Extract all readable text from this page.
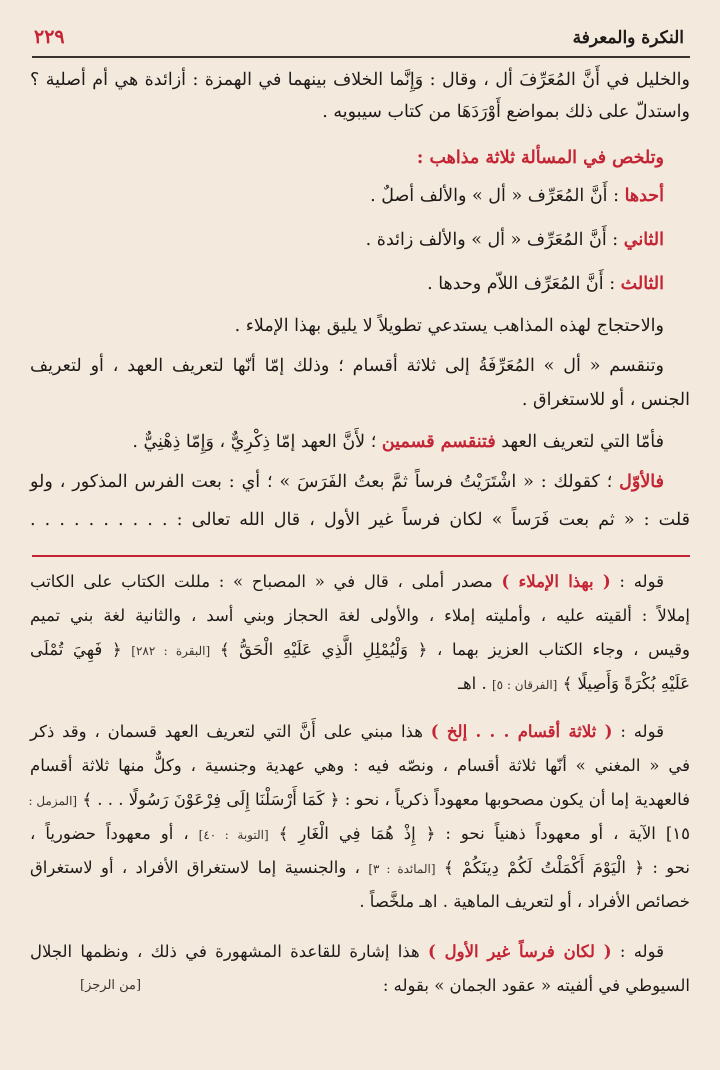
النكرة والمعرفة
٢٢٩
والخليل في أَنَّ المُعَرِّفَ أل ، وقال : وَإِنَّما الخلاف بينهما في الهمزة : أزائدة هي أم أصلية ؟
واستدلّ على ذلك بمواضع أَوْرَدَهَا من كتاب سيبويه .
وتلخص في المسألة ثلاثة مذاهب :
أحدها : أَنَّ المُعَرِّف « أل » والألف أصلٌ .
الثاني : أَنَّ المُعَرِّف « أل » والألف زائدة .
الثالث : أَنَّ المُعَرِّف اللاّم وحدها .
والاحتجاج لهذه المذاهب يستدعي تطويلاً لا يليق بهذا الإملاء .
وتنقسم « أل » المُعَرِّفَةُ إلى ثلاثة أقسام ؛ وذلك إمّا أنّها لتعريف العهد ، أو لتعريف
الجنس ، أو للاستغراق .
فأمّا التي لتعريف العهد فتنقسم قسمين ؛ لأَنَّ العهد إمّا ذِكْرِيٌّ ، وَإِمّا ذِهْنِيٌّ .
فالأوّل ؛ كقولك : « اشْتَرَيْتُ فرساً ثمَّ بعتُ الفَرَسَ » ؛ أي : بعت الفرس المذكور ، ولو
قلت : « ثم بعت فَرَساً » لكان فرساً غير الأول ، قال الله تعالى : . . . . . . . . . .
قوله : ( بهذا الإملاء ) مصدر أملى ، قال في « المصباح » : مللت الكتاب على الكاتب
إملالاً : ألقيته عليه ، وأمليته إملاء ، والأولى لغة الحجاز وبني أسد ، والثانية لغة بني تميم
وقيس ، وجاء الكتاب العزيز بهما ، ﴿ وَلْيُمْلِلِ الَّذِي عَلَيْهِ الْحَقُّ ﴾ [البقرة : ٢٨٢] ﴿ فَهِيَ تُمْلَى
عَلَيْهِ بُكْرَةً وَأَصِيلًا ﴾ [الفرقان : ٥] . اهـ
قوله : ( ثلاثة أقسام . . . إلخ ) هذا مبني على أَنَّ التي لتعريف العهد قسمان ، وقد ذكر
في « المغني » أنّها ثلاثة أقسام ، ونصّه فيه : وهي عهدية وجنسية ، وكلٌّ منها ثلاثة أقسام
فالعهدية إما أن يكون مصحوبها معهوداً ذكرياً ، نحو : ﴿ كَمَا أَرْسَلْنَا إِلَى فِرْعَوْنَ رَسُولًا . . . ﴾ [المزمل :
١٥] الآية ، أو معهوداً ذهنياً نحو : ﴿ إِذْ هُمَا فِي الْغَارِ ﴾ [التوبة : ٤٠] ، أو معهوداً حضورياً ،
نحو : ﴿ الْيَوْمَ أَكْمَلْتُ لَكُمْ دِينَكُمْ ﴾ [المائدة : ٣] ، والجنسية إما لاستغراق الأفراد ، أو لاستغراق
خصائص الأفراد ، أو لتعريف الماهية . اهـ ملخَّصاً .
قوله : ( لكان فرساً غير الأول ) هذا إشارة للقاعدة المشهورة في ذلك ، ونظمها الجلال
السيوطي في ألفيته « عقود الجمان » بقوله :
[من الرجز]
